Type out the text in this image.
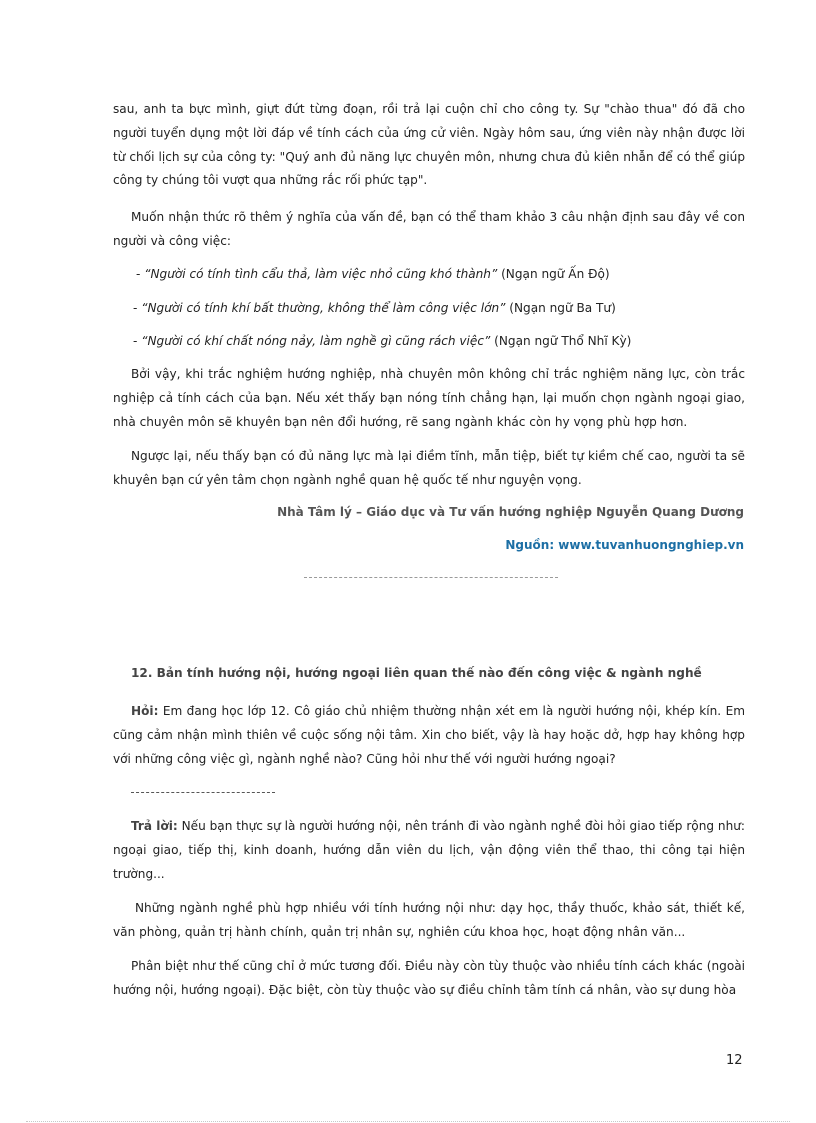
sau, anh ta bực mình, giựt đứt từng đoạn, rồi trả lại cuộn chỉ cho công ty. Sự "chào thua" đó đã cho người tuyển dụng một lời đáp về tính cách của ứng cử viên. Ngày hôm sau, ứng viên này nhận được lời từ chối lịch sự của công ty: "Quý anh đủ năng lực chuyên môn, nhưng chưa đủ kiên nhẫn để có thể giúp công ty chúng tôi vượt qua những rắc rối phức tạp".

Muốn nhận thức rõ thêm ý nghĩa của vấn đề, bạn có thể tham khảo 3 câu nhận định sau đây về con người và công việc:

- “Người có tính tình cẩu thả, làm việc nhỏ cũng khó thành” (Ngạn ngữ Ấn Độ)

- “Người có tính khí bất thường, không thể làm công việc lớn” (Ngạn ngữ Ba Tư)

- “Người có khí chất nóng nảy, làm nghề gì cũng rách việc” (Ngạn ngữ Thổ Nhĩ Kỳ)

Bởi vậy, khi trắc nghiệm hướng nghiệp, nhà chuyên môn không chỉ trắc nghiệm năng lực, còn trắc nghiệp cả tính cách của bạn. Nếu xét thấy bạn nóng tính chẳng hạn, lại muốn chọn ngành ngoại giao, nhà chuyên môn sẽ khuyên bạn nên đổi hướng, rẽ sang ngành khác còn hy vọng phù hợp hơn.

Ngược lại, nếu thấy bạn có đủ năng lực mà lại điềm tĩnh, mẫn tiệp, biết tự kiềm chế cao, người ta sẽ khuyên bạn cứ yên tâm chọn ngành nghề quan hệ quốc tế như nguyện vọng.

Nhà Tâm lý – Giáo dục và Tư vấn hướng nghiệp Nguyễn Quang Dương

Nguồn: www.tuvanhuongnghiep.vn

12. Bản tính hướng nội, hướng ngoại liên quan thế nào đến công việc & ngành nghề

Hỏi: Em đang học lớp 12. Cô giáo chủ nhiệm thường nhận xét em là người hướng nội, khép kín. Em cũng cảm nhận mình thiên về cuộc sống nội tâm. Xin cho biết, vậy là hay hoặc dở, hợp hay không hợp với những công việc gì, ngành nghề nào? Cũng hỏi như thế với người hướng ngoại?

Trả lời: Nếu bạn thực sự là người hướng nội, nên tránh đi vào ngành nghề đòi hỏi giao tiếp rộng như: ngoại giao, tiếp thị, kinh doanh, hướng dẫn viên du lịch, vận động viên thể thao, thi công tại hiện trường...

Những ngành nghề phù hợp nhiều với tính hướng nội như: dạy học, thầy thuốc, khảo sát, thiết kế, văn phòng, quản trị hành chính, quản trị nhân sự, nghiên cứu khoa học, hoạt động nhân văn...

Phân biệt như thế cũng chỉ ở mức tương đối. Điều này còn tùy thuộc vào nhiều tính cách khác (ngoài hướng nội, hướng ngoại). Đặc biệt, còn tùy thuộc vào sự điều chỉnh tâm tính cá nhân, vào sự dung hòa

12
